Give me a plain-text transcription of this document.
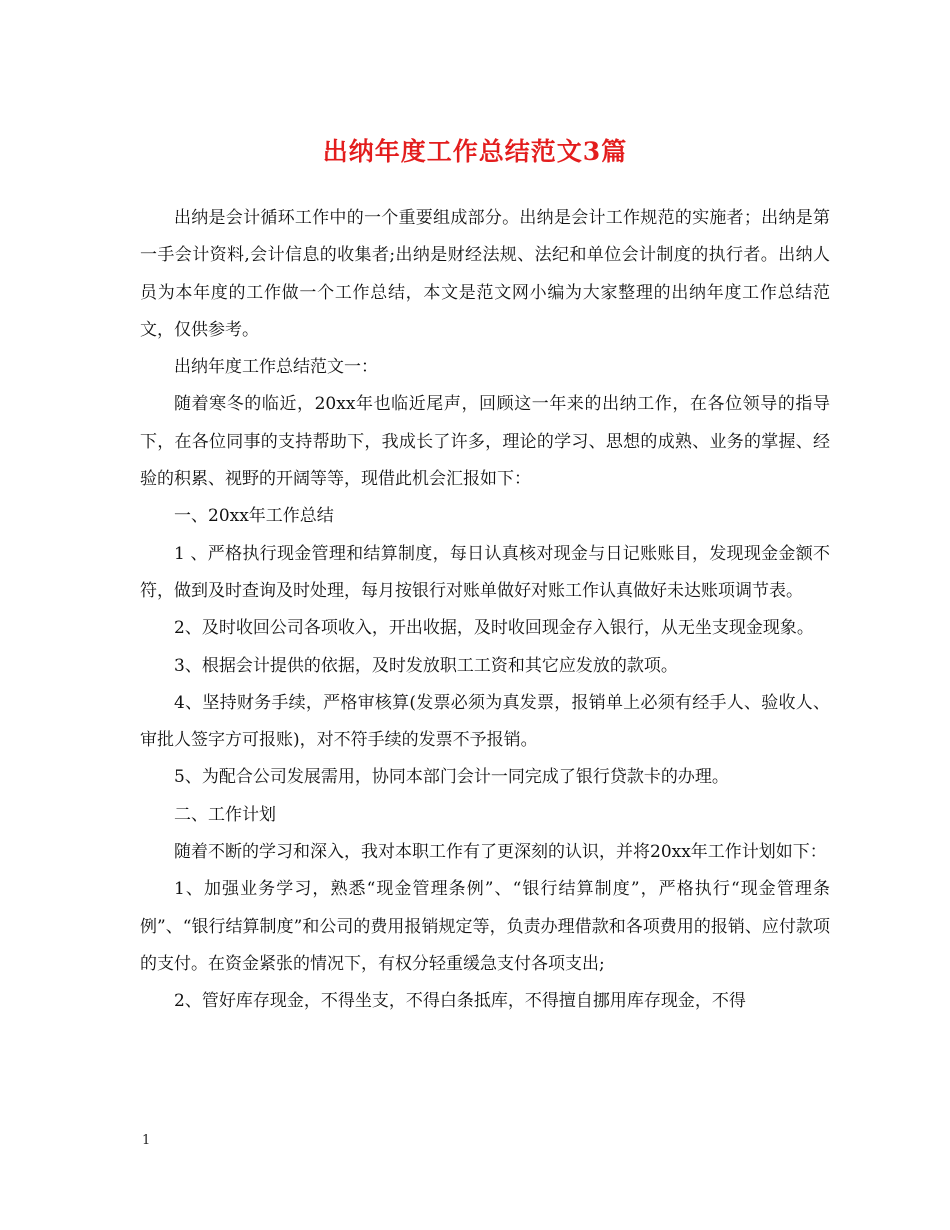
出纳年度工作总结范文3篇

出纳是会计循环工作中的一个重要组成部分。出纳是会计工作规范的实施者；出纳是第一手会计资料,会计信息的收集者;出纳是财经法规、法纪和单位会计制度的执行者。出纳人员为本年度的工作做一个工作总结，本文是范文网小编为大家整理的出纳年度工作总结范文，仅供参考。

出纳年度工作总结范文一：

随着寒冬的临近，20xx年也临近尾声，回顾这一年来的出纳工作，在各位领导的指导下，在各位同事的支持帮助下，我成长了许多，理论的学习、思想的成熟、业务的掌握、经验的积累、视野的开阔等等，现借此机会汇报如下：

一、20xx年工作总结

1 、严格执行现金管理和结算制度，每日认真核对现金与日记账账目，发现现金金额不符，做到及时查询及时处理，每月按银行对账单做好对账工作认真做好未达账项调节表。

2、及时收回公司各项收入，开出收据，及时收回现金存入银行，从无坐支现金现象。

3、根据会计提供的依据，及时发放职工工资和其它应发放的款项。

4、坚持财务手续，严格审核算(发票必须为真发票，报销单上必须有经手人、验收人、审批人签字方可报账)，对不符手续的发票不予报销。

5、为配合公司发展需用，协同本部门会计一同完成了银行贷款卡的办理。

二、工作计划

随着不断的学习和深入，我对本职工作有了更深刻的认识，并将20xx年工作计划如下：

1、加强业务学习，熟悉“现金管理条例”、“银行结算制度”，严格执行“现金管理条例”、“银行结算制度”和公司的费用报销规定等，负责办理借款和各项费用的报销、应付款项的支付。在资金紧张的情况下，有权分轻重缓急支付各项支出;

2、管好库存现金，不得坐支，不得白条抵库，不得擅自挪用库存现金，不得

1
